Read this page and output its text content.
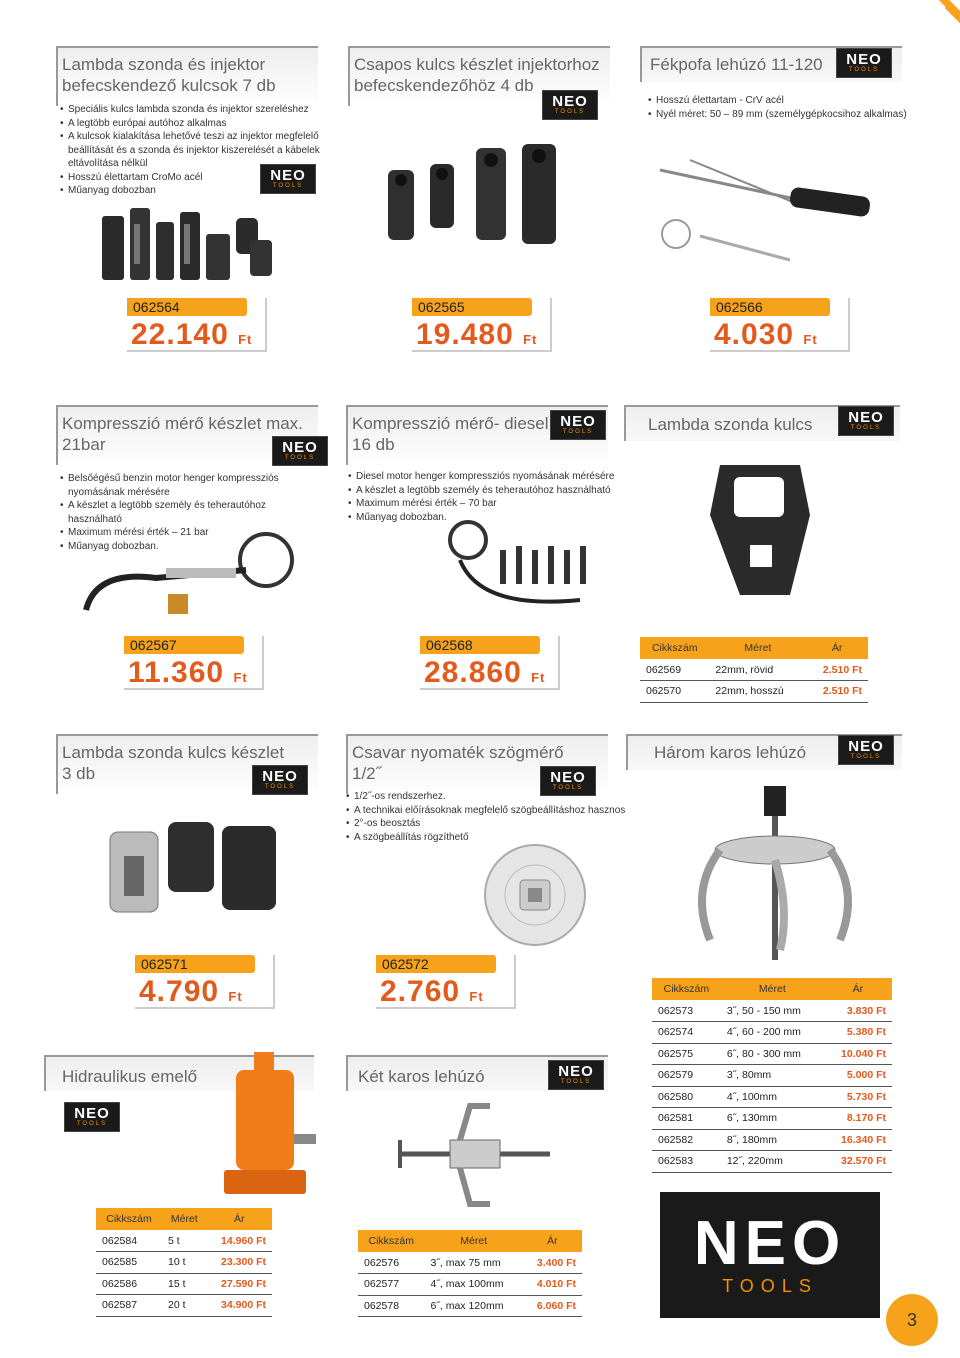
Lambda szonda és injektor
befecskendező kulcsok 7 db
• Speciális kulcs lambda szonda és injektor szereléshez
• A legtöbb európai autóhoz alkalmas
• A kulcsok kialakítása lehetővé teszi az injektor megfelelő beállítását és a szonda és injektor kiszerelését a kábelek eltávolítása nélkül
• Hosszú élettartam CroMo acél
• Műanyag dobozban
NEO
TOOLS
062564
22.140 Ft
Csapos kulcs készlet injektorhoz
befecskendezőhöz 4 db
NEO
TOOLS
062565
19.480 Ft
Fékpofa lehúzó 11-120	NEO
TOOLS
• Hosszú élettartam - CrV acél
• Nyél méret: 50 – 89 mm (személygépkocsihoz alkalmas)
062566
4.030 Ft
Kompresszió mérő készlet max.
21bar	NEO
TOOLS
• Belsőégésű benzin motor henger kompressziós nyomásának mérésére
• A készlet a legtöbb személy és teherautóhoz használható
• Maximum mérési érték – 21 bar
• Műanyag dobozban.
062567
11.360 Ft
Kompresszió mérő- diesel
16 db
NEO
TOOLS
• Diesel motor henger kompressziós nyomásának mérésére
• A készlet a legtöbb személy és teherautóhoz használható
• Maximum mérési érték – 70 bar
• Műanyag dobozban.
062568
28.860 Ft
Lambda szonda kulcs	NEO
TOOLS
Cikkszám	Méret	Ár
062569	22mm, rövid	2.510 Ft
062570	22mm, hosszú	2.510 Ft
Lambda szonda kulcs készlet
3 db	NEO
TOOLS
062571
4.790 Ft
Csavar nyomaték szögmérő
1/2˝	NEO
TOOLS
• 1/2˝-os rendszerhez.
• A technikai előírásoknak megfelelő szögbeállításhoz hasznos
• 2°-os beosztás
• A szögbeállítás rögzíthető
062572
2.760 Ft
Három karos lehúzó	NEO
TOOLS
Cikkszám	Méret	Ár
062573	3˝, 50 - 150 mm	3.830 Ft
062574	4˝, 60 - 200 mm	5.380 Ft
062575	6˝, 80 - 300 mm	10.040 Ft
062579	3˝, 80mm	5.000 Ft
062580	4˝, 100mm	5.730 Ft
062581	6˝, 130mm	8.170 Ft
062582	8˝, 180mm	16.340 Ft
062583	12˝, 220mm	32.570 Ft
Hidraulikus emelő
NEO
TOOLS
Cikkszám	Méret	Ár
062584	5 t	14.960 Ft
062585	10 t	23.300 Ft
062586	15 t	27.590 Ft
062587	20 t	34.900 Ft
Két karos lehúzó	NEO
TOOLS
Cikkszám	Méret	Ár
062576	3˝, max 75 mm	3.400 Ft
062577	4˝, max 100mm	4.010 Ft
062578	6˝, max 120mm	6.060 Ft
NEO
TOOLS
3
